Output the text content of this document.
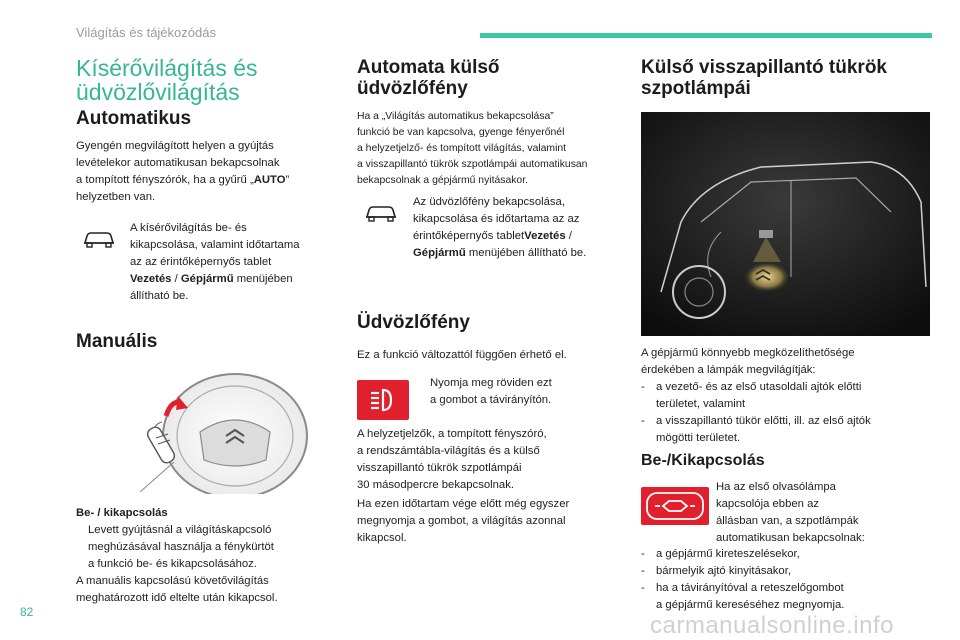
Világítás és tájékozódás
Kísérővilágítás és
üdvözlővilágítás
Automatikus
Gyengén megvilágított helyen a gyújtás
levételekor automatikusan bekapcsolnak
a tompított fényszórók, ha a gyűrű „AUTO”
helyzetben van.
A kísérővilágítás be- és
kikapcsolása, valamint időtartama
az az érintőképernyős tablet
Vezetés / Gépjármű menüjében
állítható be.
Manuális
Be- / kikapcsolás
Levett gyújtásnál a világításkapcsoló
meghúzásával használja a fénykürtöt
a funkció be- és kikapcsolásához.
A manuális kapcsolású követővilágítás
meghatározott idő eltelte után kikapcsol.
Automata külső
üdvözlőfény
Ha a „Világítás automatikus bekapcsolása”
funkció be van kapcsolva, gyenge fényerőnél
a helyzetjelző- és tompított világítás, valamint
a visszapillantó tükrök szpotlámpái automatikusan
bekapcsolnak a gépjármű nyitásakor.
Az üdvözlőfény bekapcsolása,
kikapcsolása és időtartama az az
érintőképernyős tabletVezetés /
Gépjármű menüjében állítható be.
Üdvözlőfény
Ez a funkció változattól függően érhető el.
Nyomja meg röviden ezt
a gombot a távirányítón.
A helyzetjelzők, a tompított fényszóró,
a rendszámtábla-világítás és a külső
visszapillantó tükrök szpotlámpái
30 másodpercre bekapcsolnak.
Ha ezen időtartam vége előtt még egyszer
megnyomja a gombot, a világítás azonnal
kikapcsol.
Külső visszapillantó tükrök
szpotlámpái
A gépjármű könnyebb megközelíthetősége
érdekében a lámpák megvilágítják:
- a vezető- és az első utasoldali ajtók előtti
területet, valamint
- a visszapillantó tükör előtti, ill. az első ajtók
mögötti területet.
Be-/Kikapcsolás
Ha az első olvasólámpa
kapcsolója ebben az
állásban van, a szpotlámpák
automatikusan bekapcsolnak:
- a gépjármű kireteszelésekor,
- bármelyik ajtó kinyitásakor,
- ha a távirányítóval a reteszelőgombot
a gépjármű kereséséhez megnyomja.
82	carmanualsonline.info
